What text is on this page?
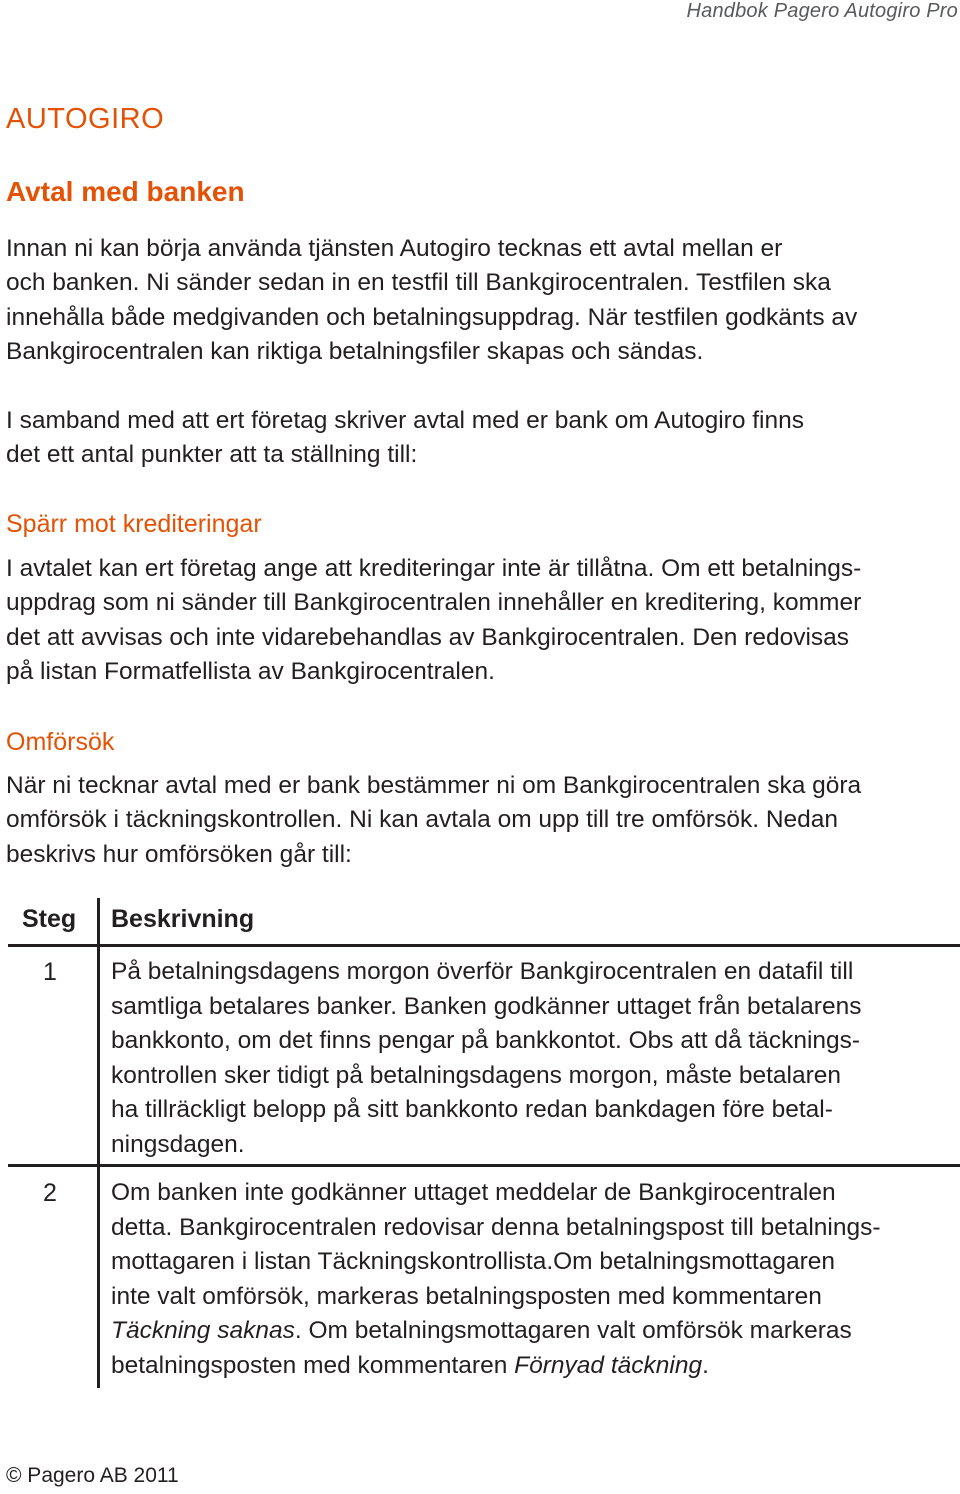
Handbok Pagero Autogiro Pro
AUTOGIRO
Avtal med banken
Innan ni kan börja använda tjänsten Autogiro tecknas ett avtal mellan er
och banken. Ni sänder sedan in en testfil till Bankgirocentralen. Testfilen ska
innehålla både medgivanden och betalningsuppdrag. När testfilen godkänts av
Bankgirocentralen kan riktiga betalningsfiler skapas och sändas.
I samband med att ert företag skriver avtal med er bank om Autogiro finns
det ett antal punkter att ta ställning till:
Spärr mot krediteringar
I avtalet kan ert företag ange att krediteringar inte är tillåtna. Om ett betalnings-
uppdrag som ni sänder till Bankgirocentralen innehåller en kreditering, kommer
det att avvisas och inte vidarebehandlas av Bankgirocentralen. Den redovisas
på listan Formatfellista av Bankgirocentralen.
Omförsök
När ni tecknar avtal med er bank bestämmer ni om Bankgirocentralen ska göra
omförsök i täckningskontrollen. Ni kan avtala om upp till tre omförsök. Nedan
beskrivs hur omförsöken går till:
Steg Beskrivning
1 På betalningsdagens morgon överför Bankgirocentralen en datafil till
samtliga betalares banker. Banken godkänner uttaget från betalarens
bankkonto, om det finns pengar på bankkontot. Obs att då täcknings-
kontrollen sker tidigt på betalningsdagens morgon, måste betalaren
ha tillräckligt belopp på sitt bankkonto redan bankdagen före betal-
ningsdagen.
2 Om banken inte godkänner uttaget meddelar de Bankgirocentralen
detta. Bankgirocentralen redovisar denna betalningspost till betalnings-
mottagaren i listan Täckningskontrollista.Om betalningsmottagaren
inte valt omförsök, markeras betalningsposten med kommentaren
Täckning saknas. Om betalningsmottagaren valt omförsök markeras
betalningsposten med kommentaren Förnyad täckning.
© Pagero AB 2011
